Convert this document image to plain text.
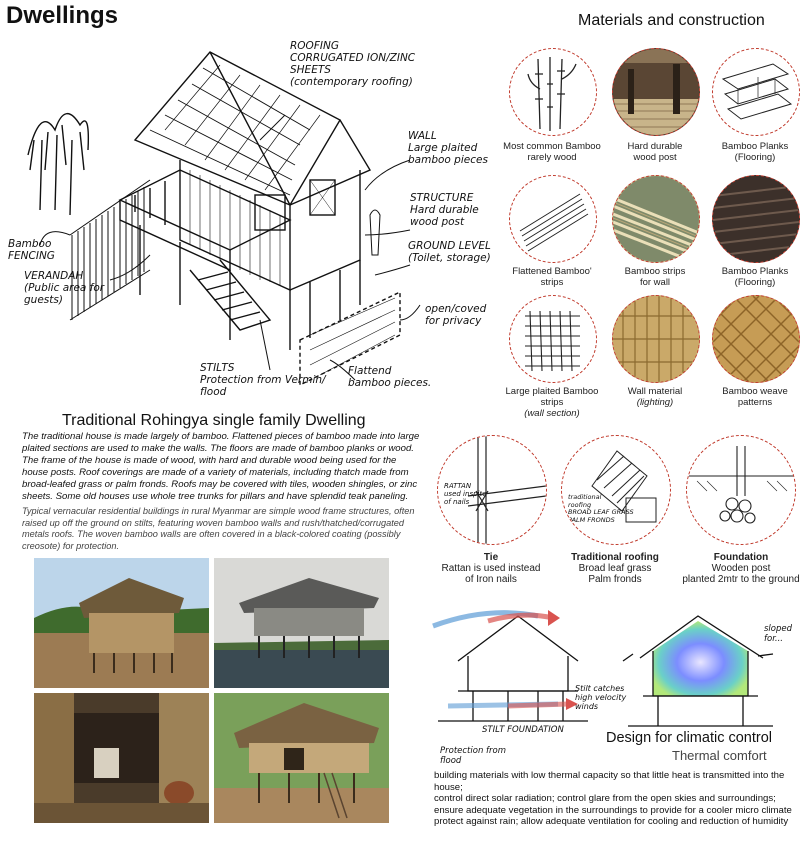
Dwellings
ROOFING
CORRUGATED ION/ZINC
SHEETS
(contemporary roofing)
WALL
Large plaited
bamboo pieces
STRUCTURE
Hard durable
wood post
GROUND LEVEL
(Toilet, storage)
open/coved
for privacy
Bamboo
FENCING
VERANDAH
(Public area for
guests)
STILTS
Protection from Vermin/
flood
Flattend
bamboo pieces.
Materials and construction
Most common Bamboo
rarely wood
Hard durable
wood post
Bamboo Planks
(Flooring)
Flattened Bamboo'
strips
Bamboo strips
for wall
Bamboo Planks
(Flooring)
Large plaited Bamboo
strips
(wall section)
Wall material
(lighting)
Bamboo weave
patterns
Traditional Rohingya single family Dwelling
The traditional house is made largely of bamboo. Flattened pieces of bamboo made into large plaited sections are used to make the walls. The floors are made of bamboo planks or wood. The frame of the house is made of wood, with hard and durable wood being used for the house posts. Roof coverings are made of a variety of materials, including thatch made from broad-leafed grass or palm fronds. Roofs may be covered with tiles, wooden shingles, or zinc sheets. Some old houses use whole tree trunks for pillars and have splendid teak paneling.
Typical vernacular residential buildings in rural Myanmar are simple wood frame structures, often raised up off the ground on stilts, featuring woven bamboo walls and rush/thatched/corrugated metals roofs. The woven bamboo walls are often covered in a black-colored coating (possibly creosote) for protection.
RATTAN
used inspite
of nails
traditional
roofing
BROAD LEAF GRASS
PALM FRONDS
Tie
Rattan is used instead
of Iron nails
Traditional roofing
Broad leaf grass
Palm fronds
Foundation
Wooden post
planted 2mtr to the ground
STILT FOUNDATION
Protection from
flood
Stilt catches
high velocity
winds
sloped
for...
Design for climatic control
Thermal comfort
building materials with low thermal capacity so that little heat is transmitted into the house;
control direct solar radiation; control glare from the open skies and surroundings;
ensure adequate vegetation in the surroundings to provide for a cooler micro climate
protect against rain; allow adequate ventilation for cooling and reduction of humidity
